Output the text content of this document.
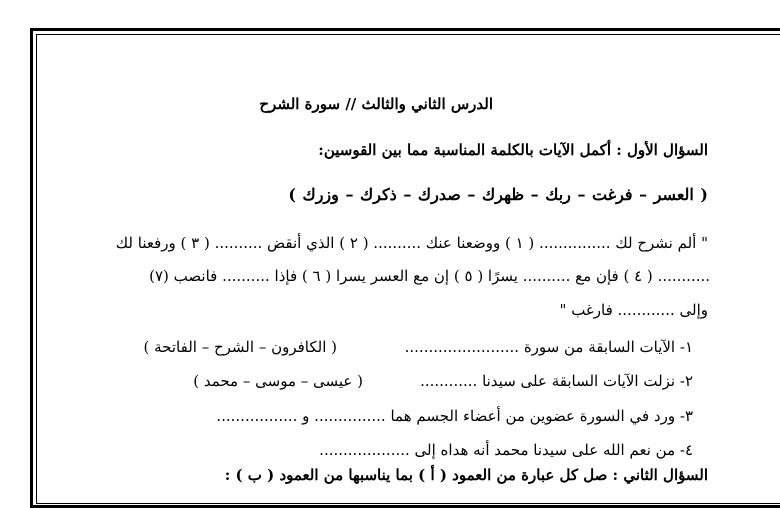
الدرس الثاني والثالث // سورة الشرح
السؤال الأول : أكمل الآيات بالكلمة المناسبة مما بين القوسين:
( العسر – فرغت – ربك – ظهرك – صدرك – ذكرك – وزرك )
" ألم نشرح لك ............... ( ١ ) ووضعنا عنك .......... ( ٢ ) الذي أنقض .......... ( ٣ ) ورفعنا لك
........... ( ٤ ) فإن مع .......... يسرًا ( ٥ ) إن مع العسر يسرا ( ٦ ) فإذا .......... فانصب (٧)
وإلى ............ فارغب "
١- الآيات السابقة من سورة ........................
( الكافرون – الشرح – الفاتحة )
٢- نزلت الآيات السابقة على سيدنا ............
( عيسى – موسى – محمد )
٣- ورد في السورة عضوين من أعضاء الجسم هما ............... و .................
٤- من نعم الله على سيدنا محمد أنه هداه إلى ...................
السؤال الثاني : صل كل عبارة من العمود ( أ ) بما يناسبها من العمود ( ب ) :
